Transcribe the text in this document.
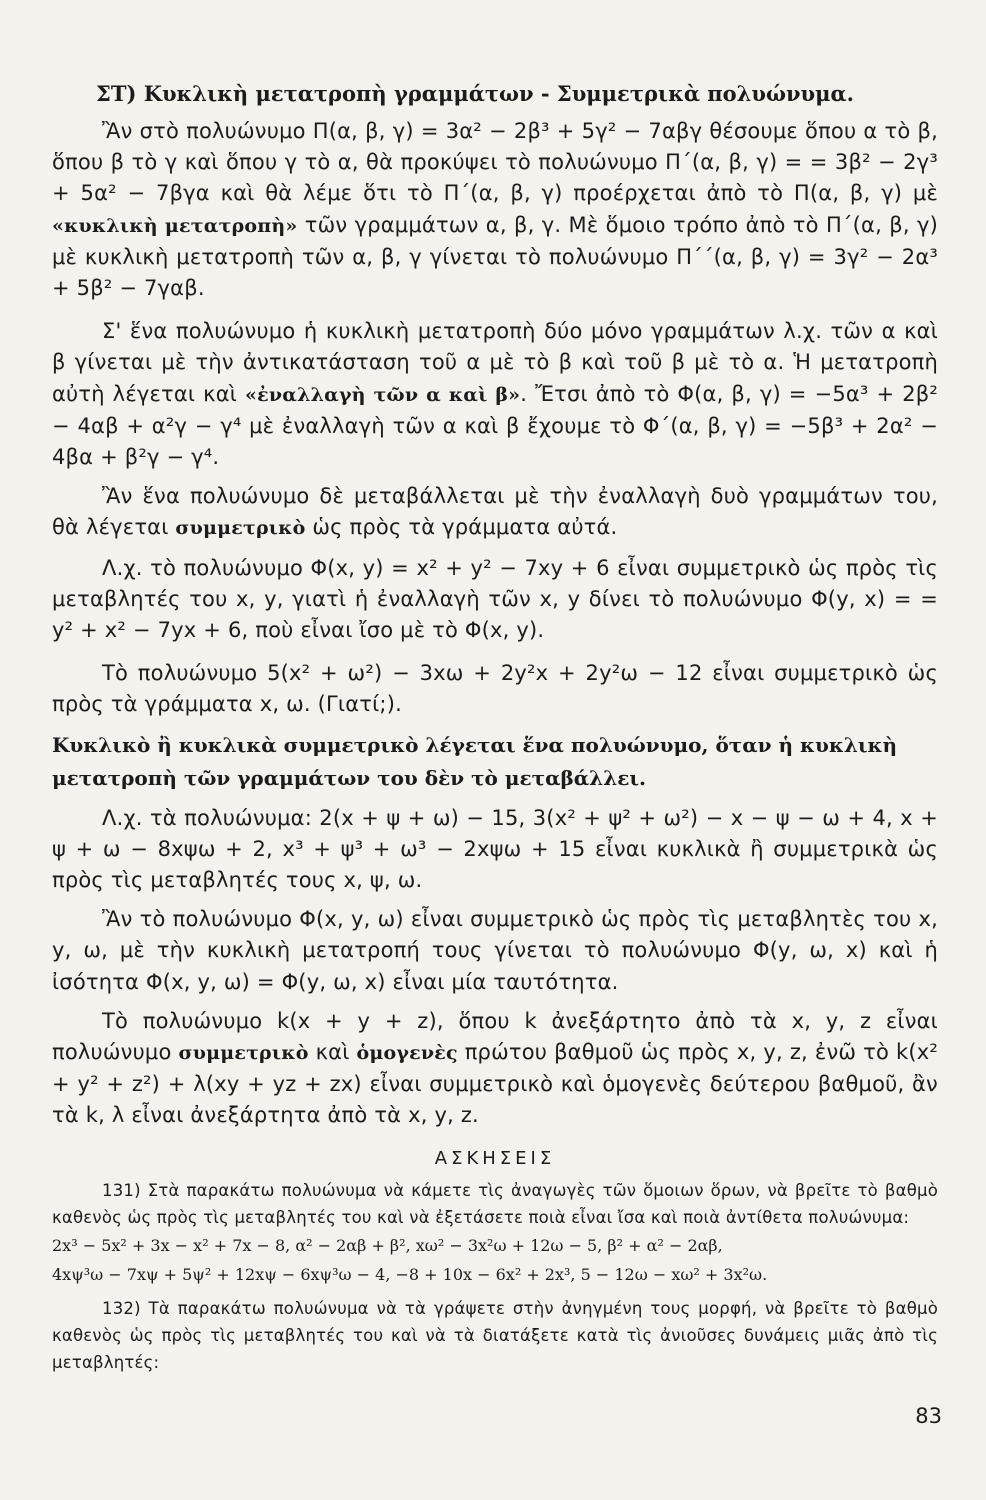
ΣΤ) Κυκλικὴ μετατροπὴ γραμμάτων - Συμμετρικὰ πολυώνυμα.

Ἂν στὸ πολυώνυμο Π(α, β, γ) = 3α² − 2β³ + 5γ² − 7αβγ θέσουμε ὅπου α τὸ β, ὅπου β τὸ γ καὶ ὅπου γ τὸ α, θὰ προκύψει τὸ πολυώνυμο Π΄(α, β, γ) = = 3β² − 2γ³ + 5α² − 7βγα καὶ θὰ λέμε ὅτι τὸ Π΄(α, β, γ) προέρχεται ἀπὸ τὸ Π(α, β, γ) μὲ «κυκλικὴ μετατροπὴ» τῶν γραμμάτων α, β, γ. Μὲ ὅμοιο τρόπο ἀπὸ τὸ Π΄(α, β, γ) μὲ κυκλικὴ μετατροπὴ τῶν α, β, γ γίνεται τὸ πολυώνυμο Π΄΄(α, β, γ) = 3γ² − 2α³ + 5β² − 7γαβ.

Σ' ἕνα πολυώνυμο ἡ κυκλικὴ μετατροπὴ δύο μόνο γραμμάτων λ.χ. τῶν α καὶ β γίνεται μὲ τὴν ἀντικατάσταση τοῦ α μὲ τὸ β καὶ τοῦ β μὲ τὸ α. Ἡ μετατροπὴ αὐτὴ λέγεται καὶ «ἐναλλαγὴ τῶν α καὶ β». Ἔτσι ἀπὸ τὸ Φ(α, β, γ) = −5α³ + 2β² − 4αβ + α²γ − γ⁴ μὲ ἐναλλαγὴ τῶν α καὶ β ἔχουμε τὸ Φ΄(α, β, γ) = −5β³ + 2α² − 4βα + β²γ − γ⁴.

Ἂν ἕνα πολυώνυμο δὲ μεταβάλλεται μὲ τὴν ἐναλλαγὴ δυὸ γραμμάτων του, θὰ λέγεται συμμετρικὸ ὡς πρὸς τὰ γράμματα αὐτά.

Λ.χ. τὸ πολυώνυμο Φ(x, y) = x² + y² − 7xy + 6 εἶναι συμμετρικὸ ὡς πρὸς τὶς μεταβλητές του x, y, γιατὶ ἡ ἐναλλαγὴ τῶν x, y δίνει τὸ πολυώνυμο Φ(y, x) = = y² + x² − 7yx + 6, ποὺ εἶναι ἴσο μὲ τὸ Φ(x, y).

Τὸ πολυώνυμο 5(x² + ω²) − 3xω + 2y²x + 2y²ω − 12 εἶναι συμμετρικὸ ὡς πρὸς τὰ γράμματα x, ω. (Γιατί;).

Κυκλικὸ ἢ κυκλικὰ συμμετρικὸ λέγεται ἕνα πολυώνυμο, ὅταν ἡ κυκλικὴ μετατροπὴ τῶν γραμμάτων του δὲν τὸ μεταβάλλει.

Λ.χ. τὰ πολυώνυμα: 2(x + ψ + ω) − 15, 3(x² + ψ² + ω²) − x − ψ − ω + 4, x + ψ + ω − 8xψω + 2, x³ + ψ³ + ω³ − 2xψω + 15 εἶναι κυκλικὰ ἢ συμμετρικὰ ὡς πρὸς τὶς μεταβλητές τους x, ψ, ω.

Ἂν τὸ πολυώνυμο Φ(x, y, ω) εἶναι συμμετρικὸ ὡς πρὸς τὶς μεταβλητὲς του x, y, ω, μὲ τὴν κυκλικὴ μετατροπή τους γίνεται τὸ πολυώνυμο Φ(y, ω, x) καὶ ἡ ἰσότητα Φ(x, y, ω) = Φ(y, ω, x) εἶναι μία ταυτότητα.

Τὸ πολυώνυμο k(x + y + z), ὅπου k ἀνεξάρτητο ἀπὸ τὰ x, y, z εἶναι πολυώνυμο συμμετρικὸ καὶ ὁμογενὲς πρώτου βαθμοῦ ὡς πρὸς x, y, z, ἐνῶ τὸ k(x² + y² + z²) + λ(xy + yz + zx) εἶναι συμμετρικὸ καὶ ὁμογενὲς δεύτερου βαθμοῦ, ἂν τὰ k, λ εἶναι ἀνεξάρτητα ἀπὸ τὰ x, y, z.

ΑΣΚΗΣΕΙΣ

131) Στὰ παρακάτω πολυώνυμα νὰ κάμετε τὶς ἀναγωγὲς τῶν ὅμοιων ὅρων, νὰ βρεῖτε τὸ βαθμὸ καθενὸς ὡς πρὸς τὶς μεταβλητές του καὶ νὰ ἐξετάσετε ποιὰ εἶναι ἴσα καὶ ποιὰ ἀντίθετα πολυώνυμα:

2x³ − 5x² + 3x − x² + 7x − 8, α² − 2αβ + β², xω² − 3x²ω + 12ω − 5, β² + α² − 2αβ,
4xψ³ω − 7xψ + 5ψ² + 12xψ − 6xψ³ω − 4, −8 + 10x − 6x² + 2x³, 5 − 12ω − xω² + 3x²ω.

132) Τὰ παρακάτω πολυώνυμα νὰ τὰ γράψετε στὴν ἀνηγμένη τους μορφή, νὰ βρεῖτε τὸ βαθμὸ καθενὸς ὡς πρὸς τὶς μεταβλητές του καὶ νὰ τὰ διατάξετε κατὰ τὶς ἀνιοῦσες δυνάμεις μιᾶς ἀπὸ τὶς μεταβλητές:

83
